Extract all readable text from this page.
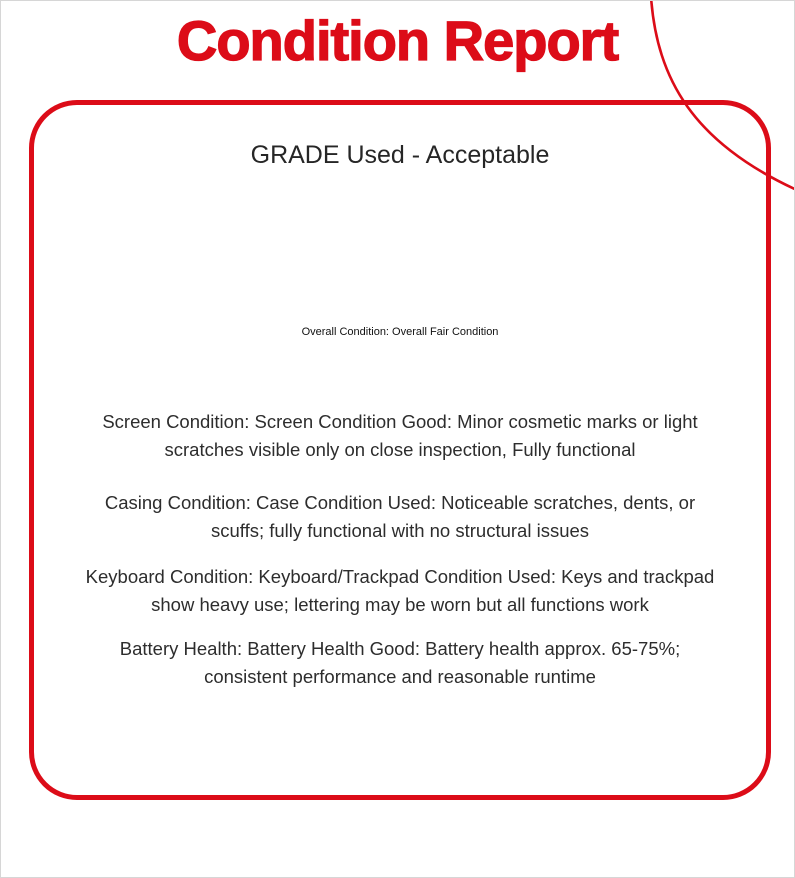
Condition Report
GRADE Used - Acceptable
Overall Condition: Overall Fair Condition
Screen Condition: Screen Condition Good: Minor cosmetic marks or light
scratches visible only on close inspection, Fully functional
Casing Condition: Case Condition Used: Noticeable scratches, dents, or
scuffs; fully functional with no structural issues
Keyboard Condition: Keyboard/Trackpad Condition Used: Keys and trackpad
show heavy use; lettering may be worn but all functions work
Battery Health: Battery Health Good: Battery health approx. 65-75%;
consistent performance and reasonable runtime
